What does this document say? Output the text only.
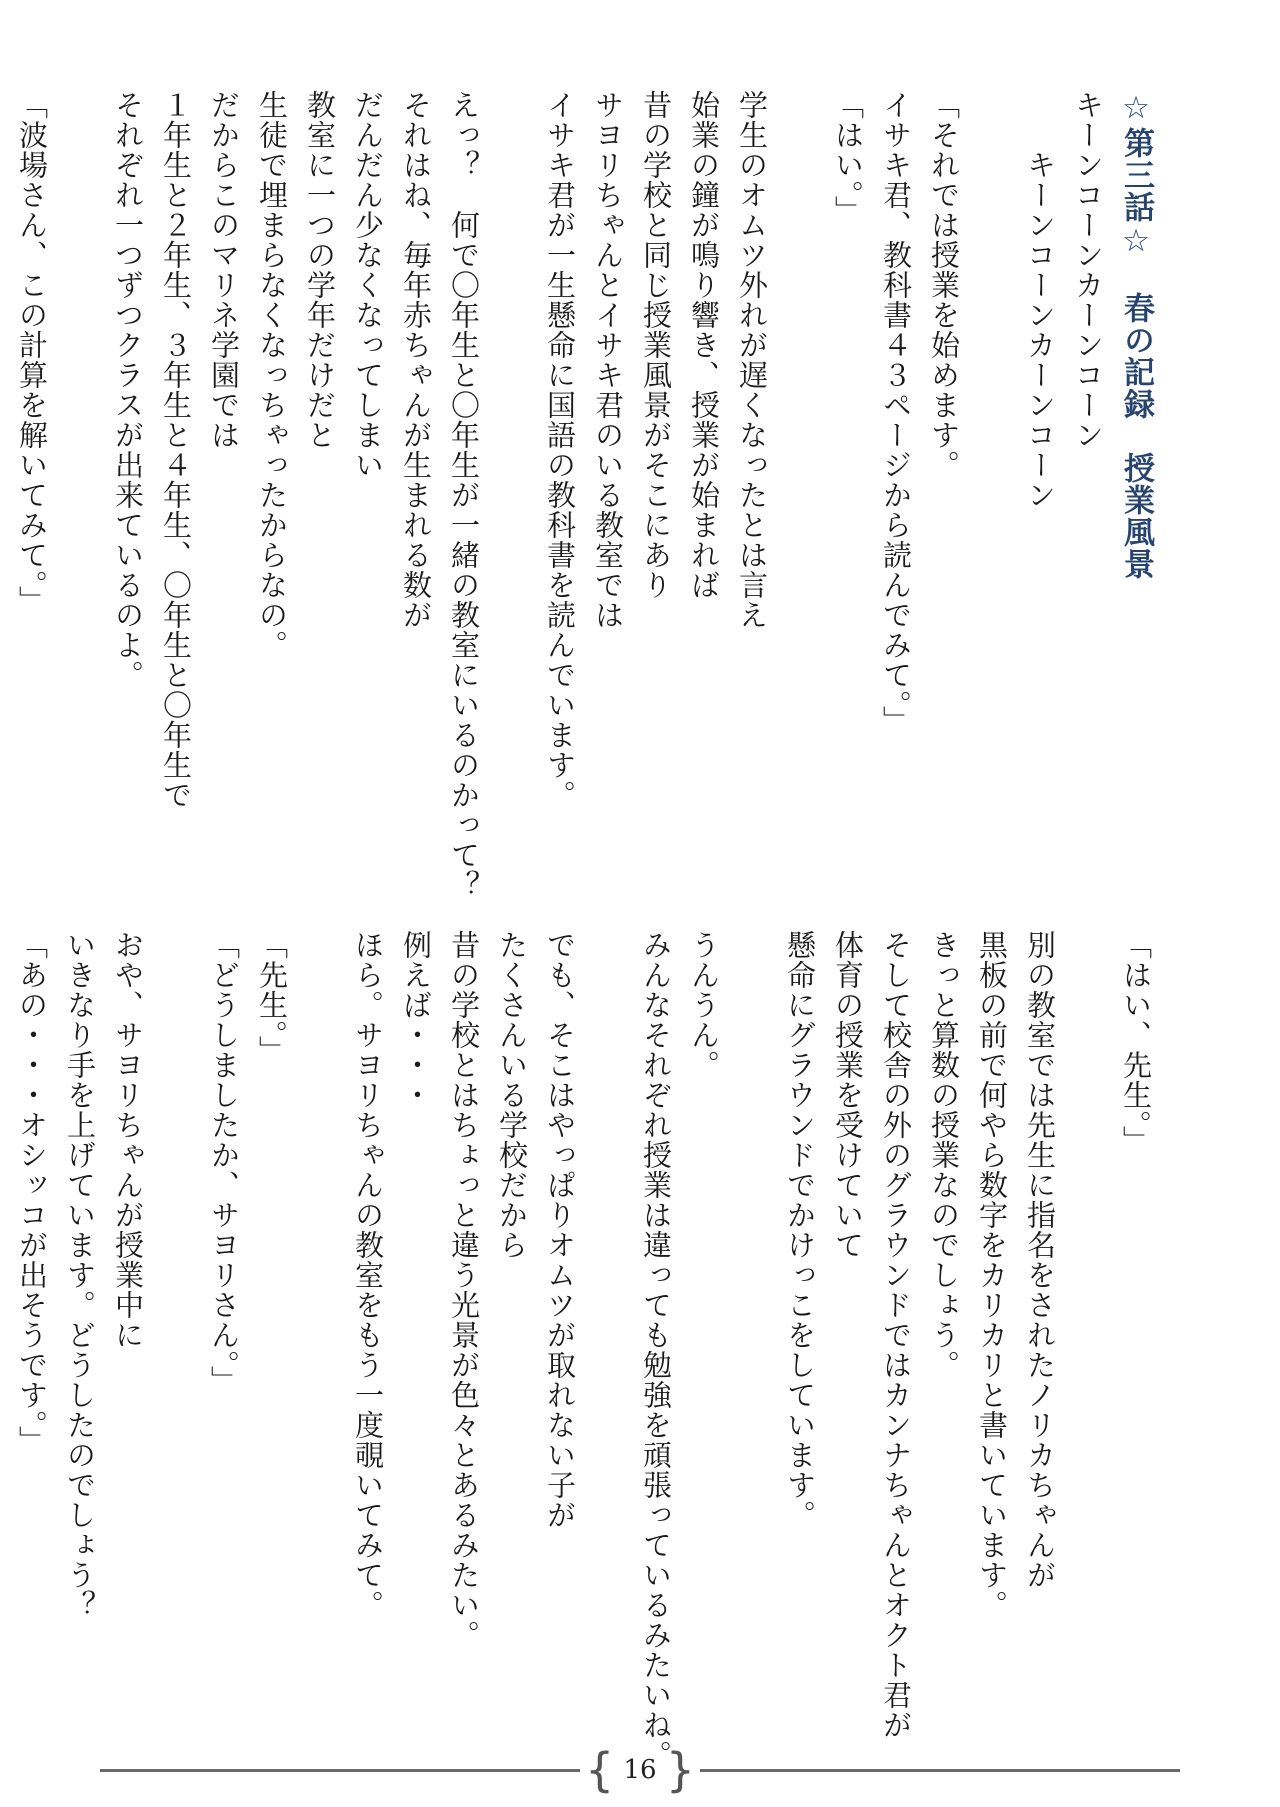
☆第三話☆　春の記録　授業風景
キーンコーンカーンコーン
　　キーンコーンカーンコーン

「それでは授業を始めます。
イサキ君、教科書４３ページから読んでみて。」
「はい。」

学生のオムツ外れが遅くなったとは言え
始業の鐘が鳴り響き、授業が始まれば
昔の学校と同じ授業風景がそこにあり
サヨリちゃんとイサキ君のいる教室では
イサキ君が一生懸命に国語の教科書を読んでいます。

えっ？　何で〇年生と〇年生が一緒の教室にいるのかって？
それはね、毎年赤ちゃんが生まれる数が
だんだん少なくなってしまい
教室に一つの学年だけだと
生徒で埋まらなくなっちゃったからなの。
だからこのマリネ学園では
１年生と２年生、３年生と４年生、〇年生と〇年生で
それぞれ一つずつクラスが出来ているのよ。

「波場さん、この計算を解いてみて。」
「はい、先生。」

別の教室では先生に指名をされたノリカちゃんが
黒板の前で何やら数字をカリカリと書いています。
きっと算数の授業なのでしょう。
そして校舎の外のグラウンドではカンナちゃんとオクト君が
体育の授業を受けていて
懸命にグラウンドでかけっこをしています。

うんうん。
みんなそれぞれ授業は違っても勉強を頑張っているみたいね。

でも、そこはやっぱりオムツが取れない子が
たくさんいる学校だから
昔の学校とはちょっと違う光景が色々とあるみたい。
例えば・・・
ほら。サヨリちゃんの教室をもう一度覗いてみて。

「先生。」
「どうしましたか、サヨリさん。」

おや、サヨリちゃんが授業中に
いきなり手を上げています。どうしたのでしょう？
「あの・・・オシッコが出そうです。」
{ 16 }
